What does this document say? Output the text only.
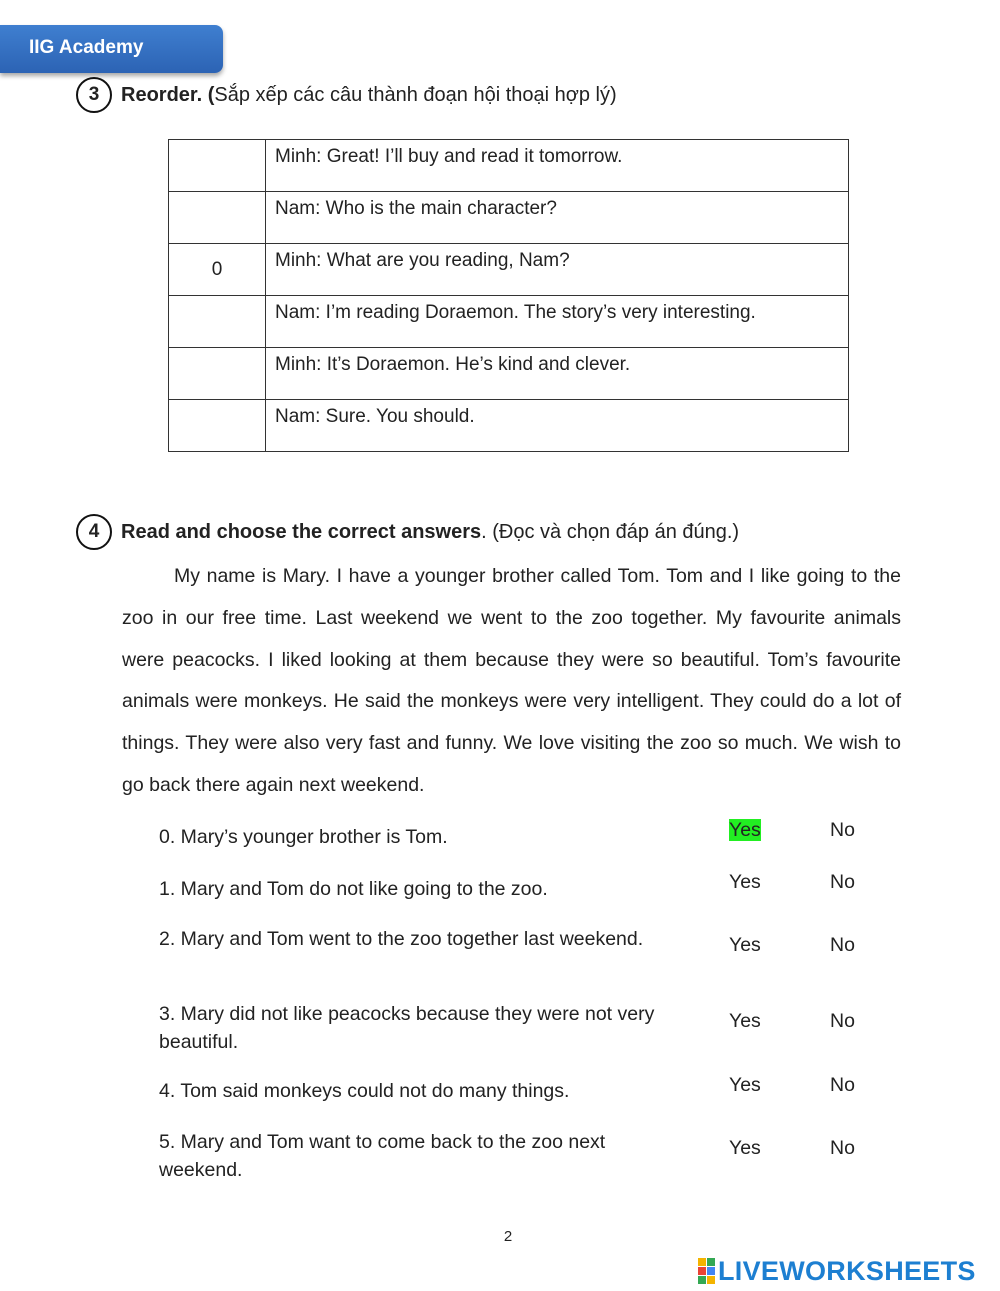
IIG Academy
3 Reorder. (Sắp xếp các câu thành đoạn hội thoại hợp lý)
	Minh: Great! I’ll buy and read it tomorrow.
	Nam: Who is the main character?
0	Minh: What are you reading, Nam?
	Nam: I’m reading Doraemon. The story’s very interesting.
	Minh: It’s Doraemon. He’s kind and clever.
	Nam: Sure. You should.
4 Read and choose the correct answers. (Đọc và chọn đáp án đúng.)

My name is Mary. I have a younger brother called Tom. Tom and I like going to the zoo in our free time. Last weekend we went to the zoo together. My favourite animals were peacocks. I liked looking at them because they were so beautiful. Tom’s favourite animals were monkeys. He said the monkeys were very intelligent. They could do a lot of things. They were also very fast and funny. We love visiting the zoo so much. We wish to go back there again next weekend.

0. Mary’s younger brother is Tom.	Yes	No
1. Mary and Tom do not like going to the zoo.	Yes	No
2. Mary and Tom went to the zoo together last weekend.	Yes	No
3. Mary did not like peacocks because they were not very beautiful.
Yes	No
4. Tom said monkeys could not do many things.	Yes	No
5. Mary and Tom want to come back to the zoo next weekend.
Yes	No
2
LIVEWORKSHEETS
